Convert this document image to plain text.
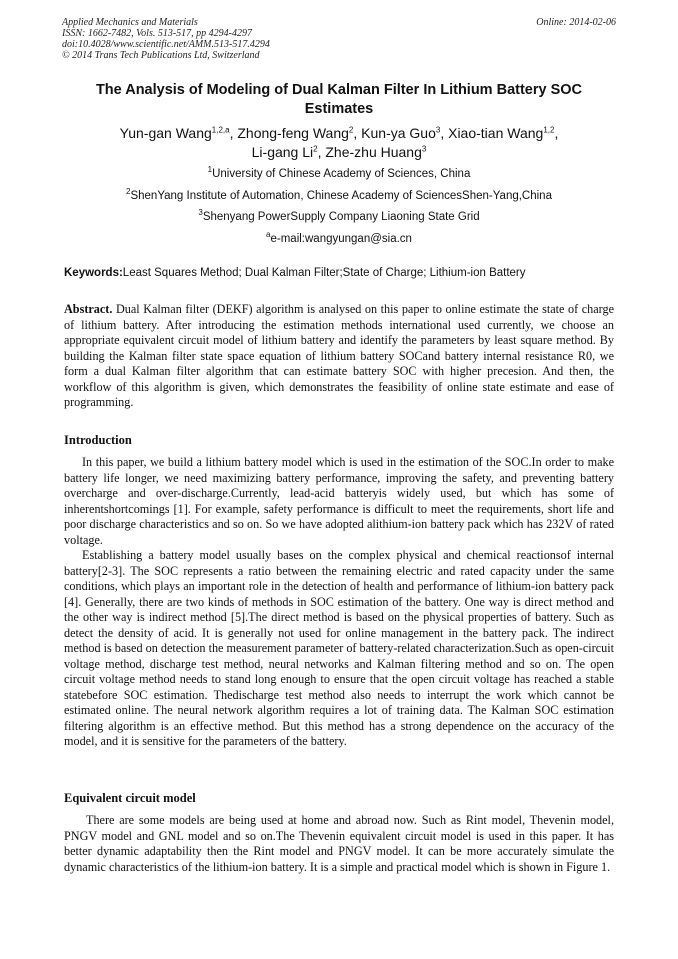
Applied Mechanics and Materials
ISSN: 1662-7482, Vols. 513-517, pp 4294-4297
doi:10.4028/www.scientific.net/AMM.513-517.4294
© 2014 Trans Tech Publications Ltd, Switzerland
Online: 2014-02-06
The Analysis of Modeling of Dual Kalman Filter In Lithium Battery SOC Estimates
Yun-gan Wang$^{1,2,a}$, Zhong-feng Wang$^2$, Kun-ya Guo$^3$, Xiao-tian Wang$^{1,2}$,
Li-gang Li$^2$, Zhe-zhu Huang$^3$
$^1$University of Chinese Academy of Sciences, China
$^2$ShenYang Institute of Automation, Chinese Academy of SciencesShen-Yang,China
$^3$Shenyang PowerSupply Company Liaoning State Grid
$^a$e-mail:wangyungan@sia.cn
Keywords:Least Squares Method; Dual Kalman Filter;State of Charge; Lithium-ion Battery

Abstract. Dual Kalman filter (DEKF) algorithm is analysed on this paper to online estimate the state of charge of lithium battery. After introducing the estimation methods international used currently, we choose an appropriate equivalent circuit model of lithium battery and identify the parameters by least square method. By building the Kalman filter state space equation of lithium battery SOCand battery internal resistance R0, we form a dual Kalman filter algorithm that can estimate battery SOC with higher precesion. And then, the workflow of this algorithm is given, which demonstrates the feasibility of online state estimate and ease of programming.

Introduction

In this paper, we build a lithium battery model which is used in the estimation of the SOC.In order to make battery life longer, we need maximizing battery performance, improving the safety, and preventing battery overcharge and over-discharge.Currently, lead-acid batteryis widely used, but which has some of inherentshortcomings [1]. For example, safety performance is difficult to meet the requirements, short life and poor discharge characteristics and so on. So we have adopted alithium-ion battery pack which has 232V of rated voltage.

Establishing a battery model usually bases on the complex physical and chemical reactionsof internal battery[2-3]. The SOC represents a ratio between the remaining electric and rated capacity under the same conditions, which plays an important role in the detection of health and performance of lithium-ion battery pack [4]. Generally, there are two kinds of methods in SOC estimation of the battery. One way is direct method and the other way is indirect method [5].The direct method is based on the physical properties of battery. Such as detect the density of acid. It is generally not used for online management in the battery pack. The indirect method is based on detection the measurement parameter of battery-related characterization.Such as open-circuit voltage method, discharge test method, neural networks and Kalman filtering method and so on. The open circuit voltage method needs to stand long enough to ensure that the open circuit voltage has reached a stable statebefore SOC estimation. Thedischarge test method also needs to interrupt the work which cannot be estimated online. The neural network algorithm requires a lot of training data. The Kalman SOC estimation filtering algorithm is an effective method. But this method has a strong dependence on the accuracy of the model, and it is sensitive for the parameters of the battery.

Equivalent circuit model

There are some models are being used at home and abroad now. Such as Rint model, Thevenin model, PNGV model and GNL model and so on.The Thevenin equivalent circuit model is used in this paper. It has better dynamic adaptability then the Rint model and PNGV model. It can be more accurately simulate the dynamic characteristics of the lithium-ion battery. It is a simple and practical model which is shown in Figure 1.
